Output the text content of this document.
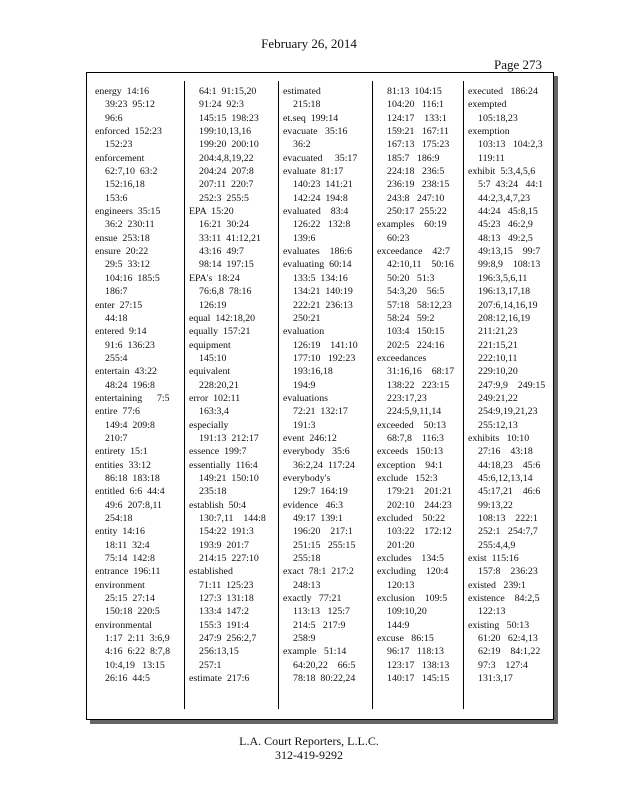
February 26, 2014
Page 273
energy  14:16
39:23  95:12
96:6
enforced  152:23
152:23
enforcement
62:7,10  63:2
152:16,18
153:6
engineers  35:15
36:2  230:11
ensue  253:18
ensure  20:22
29:5  33:12
104:16  185:5
186:7
enter  27:15
44:18
entered  9:14
91:6  136:23
255:4
entertain  43:22
48:24  196:8
entertaining      7:5
entire  77:6
149:4  209:8
210:7
entirety  15:1
entities  33:12
86:18  183:18
entitled  6:6  44:4
49:6  207:8,11
254:18
entity  14:16
18:11  32:4
75:14  142:8
entrance  196:11
environment
25:15  27:14
150:18  220:5
environmental
1:17  2:11  3:6,9
4:16  6:22  8:7,8
10:4,19   13:15
26:16  44:5
64:1  91:15,20
91:24  92:3
145:15  198:23
199:10,13,16
199:20  200:10
204:4,8,19,22
204:24  207:8
207:11  220:7
252:3  255:5
EPA  15:20
16:21  30:24
33:11  41:12,21
43:16  49:7
98:14  197:15
EPA's  18:24
76:6,8  78:16
126:19
equal  142:18,20
equally  157:21
equipment
145:10
equivalent
228:20,21
error  102:11
163:3,4
especially
191:13  212:17
essence  199:7
essentially  116:4
149:21  150:10
235:18
establish  50:4
130:7,11    144:8
154:22  191:3
193:9  201:7
214:15  227:10
established
71:11  125:23
127:3  131:18
133:4  147:2
155:3  191:4
247:9  256:2,7
256:13,15
257:1
estimate  217:6
estimated
215:18
et.seq  199:14
evacuate   35:16
36:2
evacuated     35:17
evaluate  81:17
140:23  141:21
142:24  194:8
evaluated    83:4
126:22   132:8
139:6
evaluates    186:6
evaluating  60:14
133:5  134:16
134:21  140:19
222:21  236:13
250:21
evaluation
126:19    141:10
177:10   192:23
193:16,18
194:9
evaluations
72:21  132:17
191:3
event  246:12
everybody   35:6
36:2,24  117:24
everybody's
129:7  164:19
evidence   46:3
49:17  139:1
196:20    217:1
251:15   255:15
255:18
exact  78:1  217:2
248:13
exactly   77:21
113:13   125:7
214:5   217:9
258:9
example   51:14
64:20,22    66:5
78:18  80:22,24
81:13  104:15
104:20   116:1
124:17    133:1
159:21   167:11
167:13   175:23
185:7   186:9
224:18   236:5
236:19   238:15
243:8   247:10
250:17  255:22
examples    60:19
60:23
exceedance    42:7
42:10,11    50:16
50:20   51:3
54:3,20    56:5
57:18   58:12,23
58:24   59:2
103:4   150:15
202:5   224:16
exceedances
31:16,16    68:17
138:22   223:15
223:17,23
224:5,9,11,14
exceeded    50:13
68:7,8    116:3
exceeds   150:13
exception    94:1
exclude   152:3
179:21    201:21
202:10    244:23
excluded    50:22
103:22    172:12
201:20
excludes    134:5
excluding    120:4
120:13
exclusion    109:5
109:10,20
144:9
excuse   86:15
96:17   118:13
123:17   138:13
140:17   145:15
executed   186:24
exempted
105:18,23
exemption
103:13   104:2,3
119:11
exhibit  5:3,4,5,6
5:7  43:24   44:1
44:2,3,4,7,23
44:24   45:8,15
45:23   46:2,9
48:13   49:2,5
49:13,15    99:7
99:8,9    108:13
196:3,5,6,11
196:13,17,18
207:6,14,16,19
208:12,16,19
211:21,23
221:15,21
222:10,11
229:10,20
247:9,9    249:15
249:21,22
254:9,19,21,23
255:12,13
exhibits   10:10
27:16    43:18
44:18,23    45:6
45:6,12,13,14
45:17,21    46:6
99:13,22
108:13    222:1
252:1   254:7,7
255:4,4,9
exist  115:16
157:8    236:23
existed   239:1
existence    84:2,5
122:13
existing   50:13
61:20   62:4,13
62:19    84:1,22
97:3    127:4
131:3,17
L.A. Court Reporters, L.L.C.
312-419-9292
